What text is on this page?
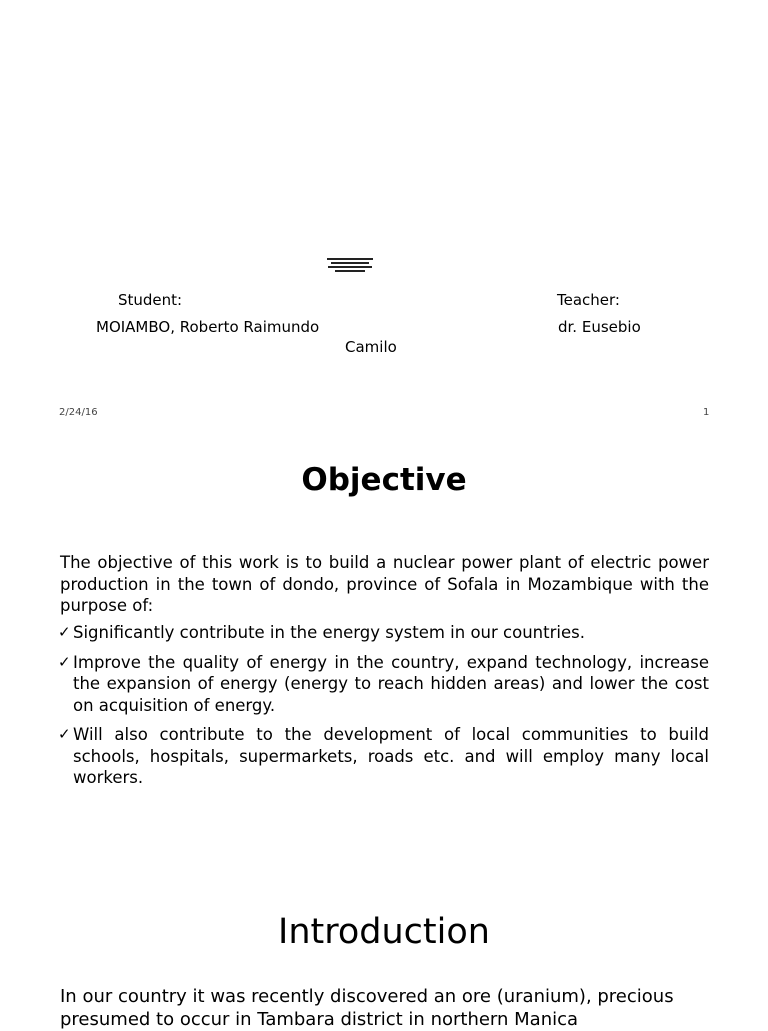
Student:	Teacher:
MOIAMBO, Roberto Raimundo	dr. Eusebio
Camilo
2/24/16	1
Objective
The objective of this work is to build a nuclear power plant of electric power production in the town of dondo, province of Sofala in Mozambique with the purpose of:
✓ Significantly contribute in the energy system in our countries.
✓ Improve the quality of energy in the country, expand technology, increase the expansion of energy (energy to reach hidden areas) and lower the cost on acquisition of energy.
✓ Will also contribute to the development of local communities to build schools, hospitals, supermarkets, roads etc. and will employ many local workers.
Introduction
In our country it was recently discovered an ore (uranium), precious presumed to occur in Tambara district in northern Manica
